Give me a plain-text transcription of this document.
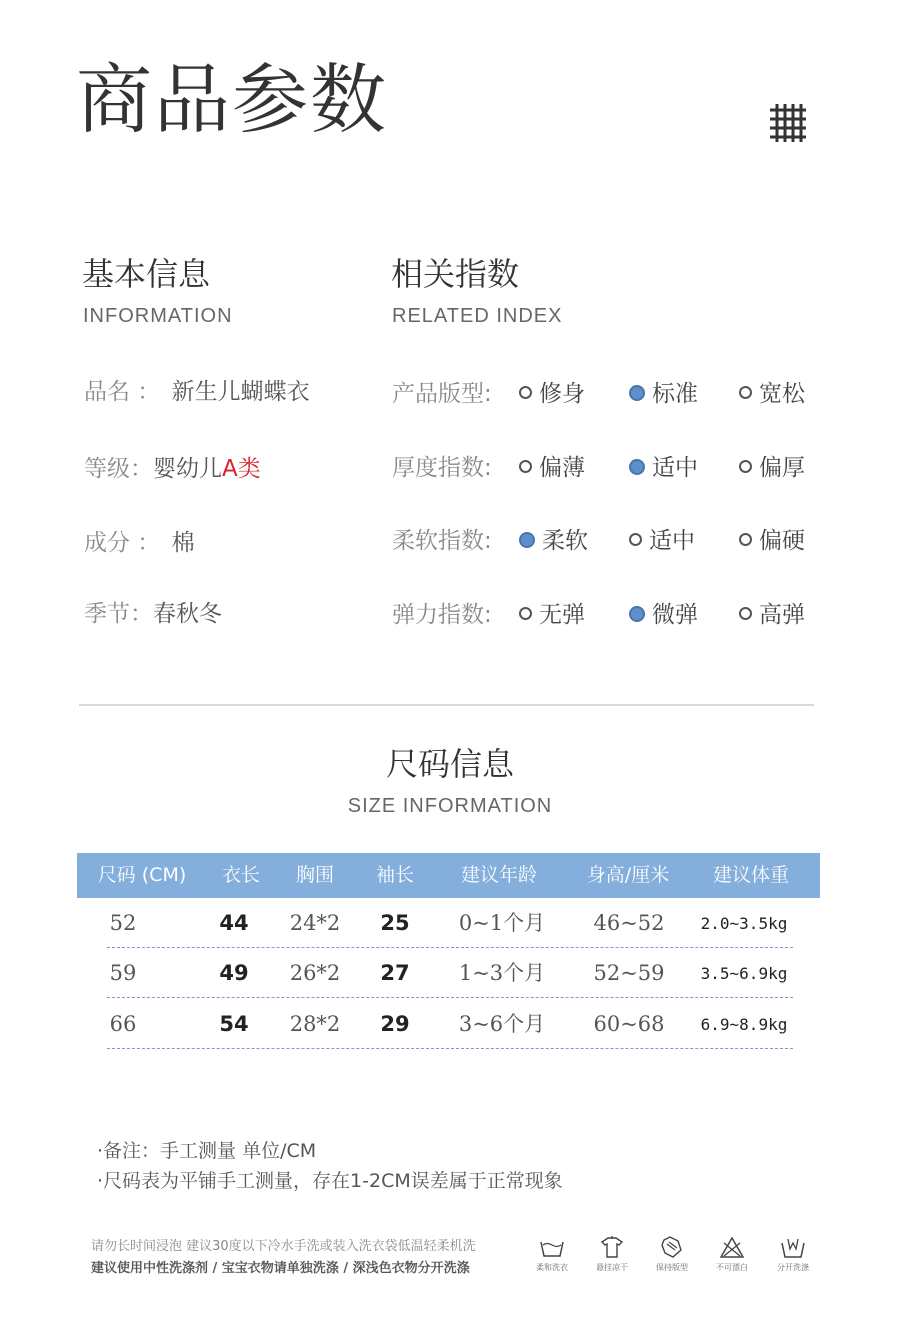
商品参数
基本信息
INFORMATION
品名 ： 新生儿蝴蝶衣
等级：婴幼儿A类
成分 ： 棉
季节：春秋冬
相关指数
RELATED INDEX
产品版型:	修身	标准	宽松
厚度指数:	偏薄	适中	偏厚
柔软指数:	柔软	适中	偏硬
弹力指数:	无弹	微弹	高弹
尺码信息
SIZE INFORMATION
尺码 (CM)	衣长	胸围	袖长	建议年龄	身高/厘米	建议体重
52	44	24*2	25	0~1个月	46~52	2.0~3.5kg
59	49	26*2	27	1~3个月	52~59	3.5~6.9kg
66	54	28*2	29	3~6个月	60~68	6.9~8.9kg
·备注：手工测量 单位/CM
·尺码表为平铺手工测量，存在1-2CM误差属于正常现象
请勿长时间浸泡 建议30度以下冷水手洗或装入洗衣袋低温轻柔机洗
建议使用中性洗涤剂 / 宝宝衣物请单独洗涤 / 深浅色衣物分开洗涤	柔和洗衣	悬挂凉干	保持版型	不可漂白	分开洗涤
